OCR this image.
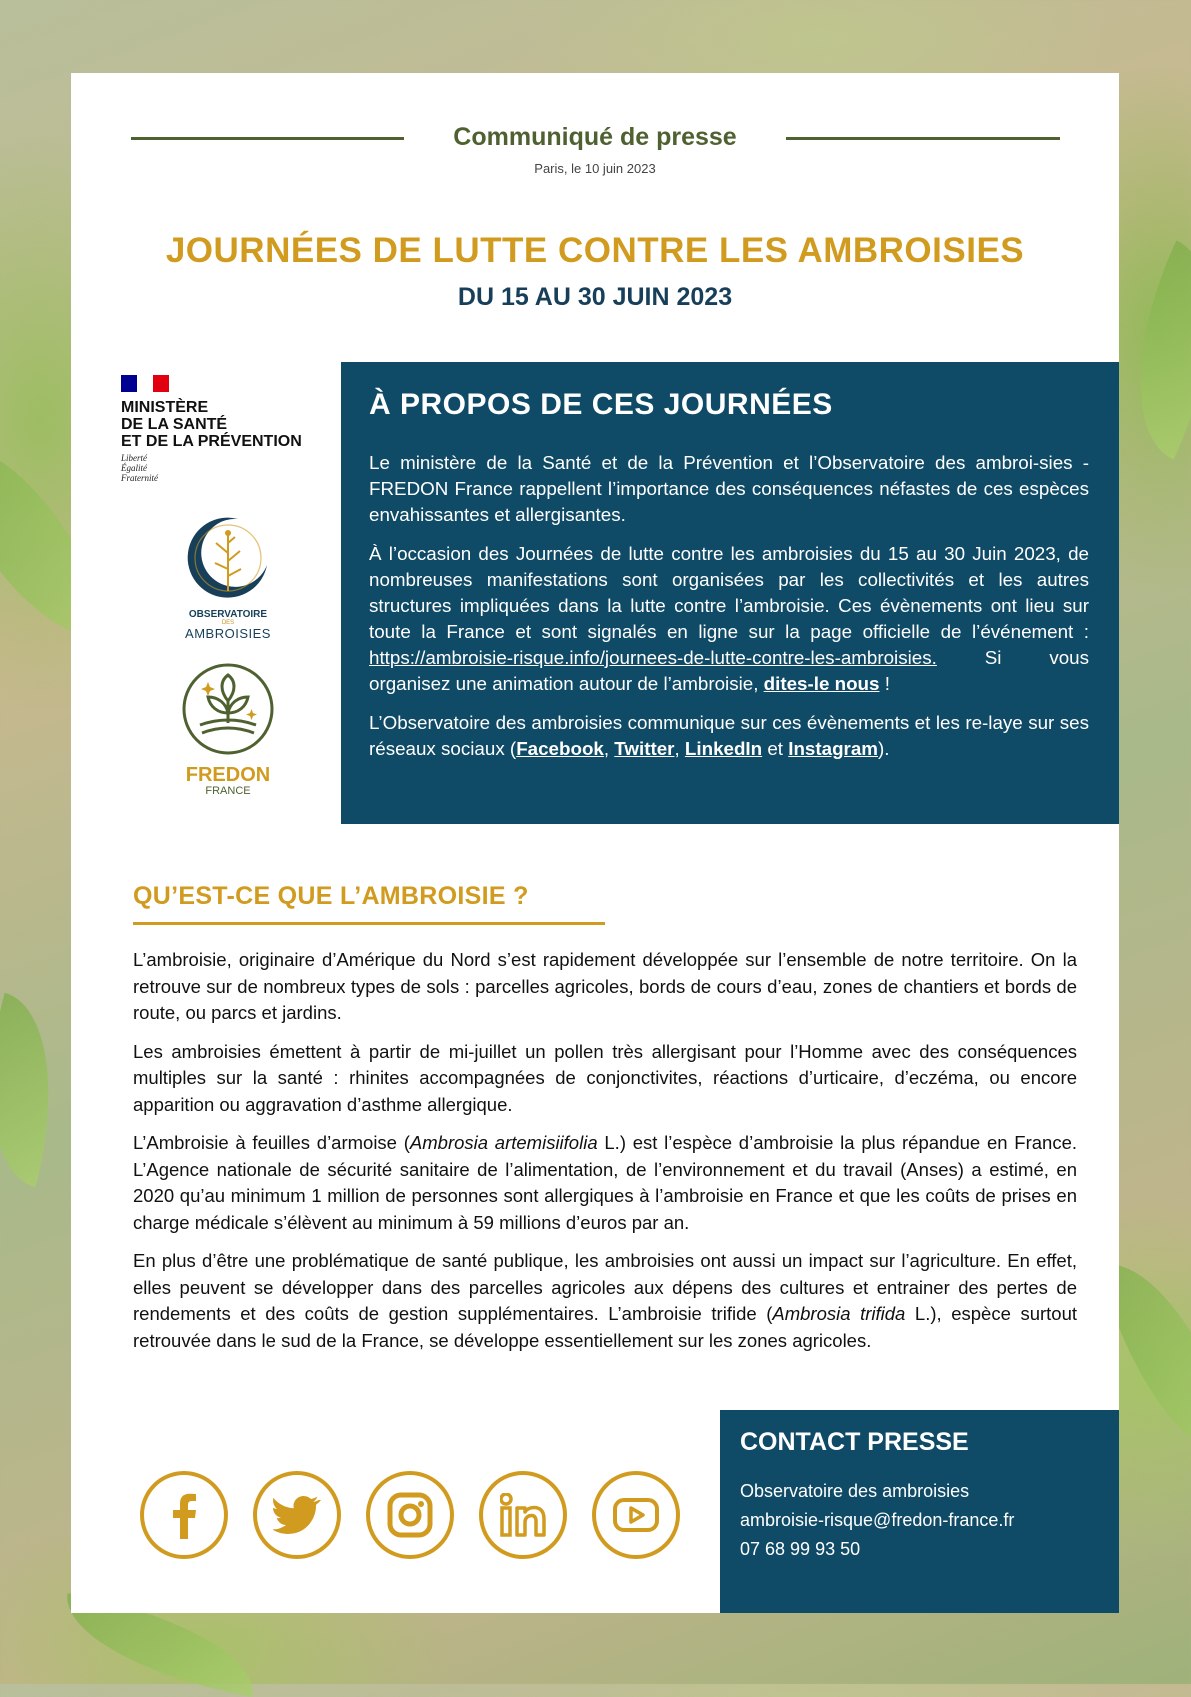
Communiqué de presse
Paris, le 10 juin 2023
JOURNÉES DE LUTTE CONTRE LES AMBROISIES
DU 15 AU 30 JUIN 2023
MINISTÈRE
DE LA SANTÉ
ET DE LA PRÉVENTION
Liberté
Égalité
Fraternité
OBSERVATOIRE
DES
AMBROISIES
FREDON
FRANCE
À PROPOS DE CES JOURNÉES

Le ministère de la Santé et de la Prévention et l’Observatoire des ambroi-sies - FREDON France rappellent l’importance des conséquences néfastes de ces espèces envahissantes et allergisantes.

À l’occasion des Journées de lutte contre les ambroisies du 15 au 30 Juin 2023, de nombreuses manifestations sont organisées par les collectivités et les autres structures impliquées dans la lutte contre l’ambroisie. Ces évènements ont lieu sur toute la France et sont signalés en ligne sur la page officielle de l’événement : https://ambroisie-risque.info/journees-de-lutte-contre-les-ambroisies. Si vous organisez une animation autour de l’ambroisie, dites-le nous !

L’Observatoire des ambroisies communique sur ces évènements et les re-laye sur ses réseaux sociaux (Facebook, Twitter, LinkedIn et Instagram).

QU’EST-CE QUE L’AMBROISIE ?

L’ambroisie, originaire d’Amérique du Nord s’est rapidement développée sur l’ensemble de notre territoire. On la retrouve sur de nombreux types de sols : parcelles agricoles, bords de cours d’eau, zones de chantiers et bords de route, ou parcs et jardins.

Les ambroisies émettent à partir de mi-juillet un pollen très allergisant pour l’Homme avec des conséquences multiples sur la santé : rhinites accompagnées de conjonctivites, réactions d’urticaire, d’eczéma, ou encore apparition ou aggravation d’asthme allergique.

L’Ambroisie à feuilles d’armoise (Ambrosia artemisiifolia L.) est l’espèce d’ambroisie la plus répandue en France. L’Agence nationale de sécurité sanitaire de l’alimentation, de l’environnement et du travail (Anses) a estimé, en 2020 qu’au minimum 1 million de personnes sont allergiques à l’ambroisie en France et que les coûts de prises en charge médicale s’élèvent au minimum à 59 millions d’euros par an.

En plus d’être une problématique de santé publique, les ambroisies ont aussi un impact sur l’agriculture. En effet, elles peuvent se développer dans des parcelles agricoles aux dépens des cultures et entrainer des pertes de rendements et des coûts de gestion supplémentaires. L’ambroisie trifide (Ambrosia trifida L.), espèce surtout retrouvée dans le sud de la France, se développe essentiellement sur les zones agricoles.

CONTACT PRESSE
Observatoire des ambroisies
ambroisie-risque@fredon-france.fr
07 68 99 93 50
